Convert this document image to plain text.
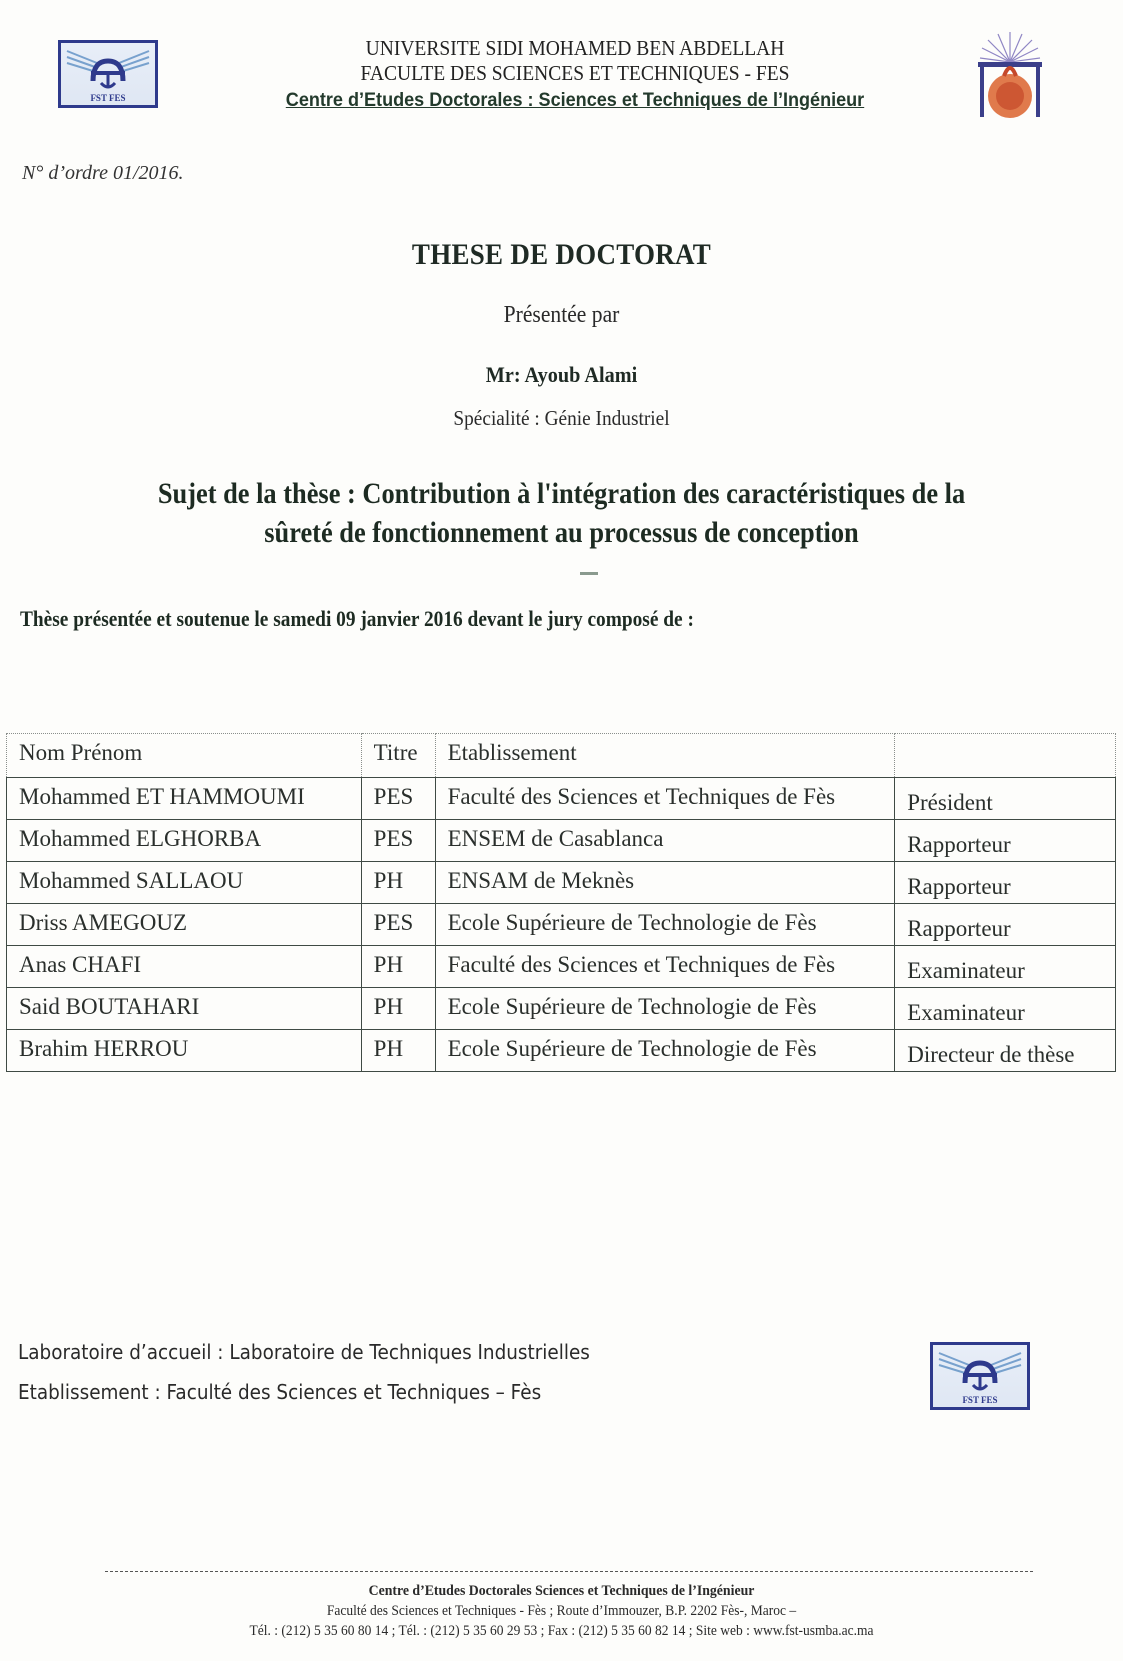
FST FES
UNIVERSITE SIDI MOHAMED BEN ABDELLAH
FACULTE DES SCIENCES ET TECHNIQUES - FES
Centre d’Etudes Doctorales : Sciences et Techniques de l’Ingénieur
N° d’ordre 01/2016.
THESE DE DOCTORAT
Présentée par
Mr: Ayoub Alami
Spécialité : Génie Industriel
Sujet de la thèse : Contribution à l'intégration des caractéristiques de la
sûreté de fonctionnement au processus de conception
Thèse présentée et soutenue le samedi 09 janvier 2016 devant le jury composé de :
Nom Prénom	Titre	Etablissement	
Mohammed ET HAMMOUMI	PES	Faculté des Sciences et Techniques de Fès	Président
Mohammed ELGHORBA	PES	ENSEM de Casablanca	Rapporteur
Mohammed SALLAOU	PH	ENSAM de Meknès	Rapporteur
Driss AMEGOUZ	PES	Ecole Supérieure de Technologie de Fès	Rapporteur
Anas CHAFI	PH	Faculté des Sciences et Techniques de Fès	Examinateur
Said BOUTAHARI	PH	Ecole Supérieure de Technologie de Fès	Examinateur
Brahim HERROU	PH	Ecole Supérieure de Technologie de Fès	Directeur de thèse
Laboratoire d’accueil : Laboratoire de Techniques Industrielles
Etablissement : Faculté des Sciences et Techniques – Fès	FST FES
Centre d’Etudes Doctorales Sciences et Techniques de l’Ingénieur
Faculté des Sciences et Techniques - Fès ; Route d’Immouzer, B.P. 2202 Fès-, Maroc –
Tél. : (212) 5 35 60 80 14 ; Tél. : (212) 5 35 60 29 53 ; Fax : (212) 5 35 60 82 14 ; Site web : www.fst-usmba.ac.ma
